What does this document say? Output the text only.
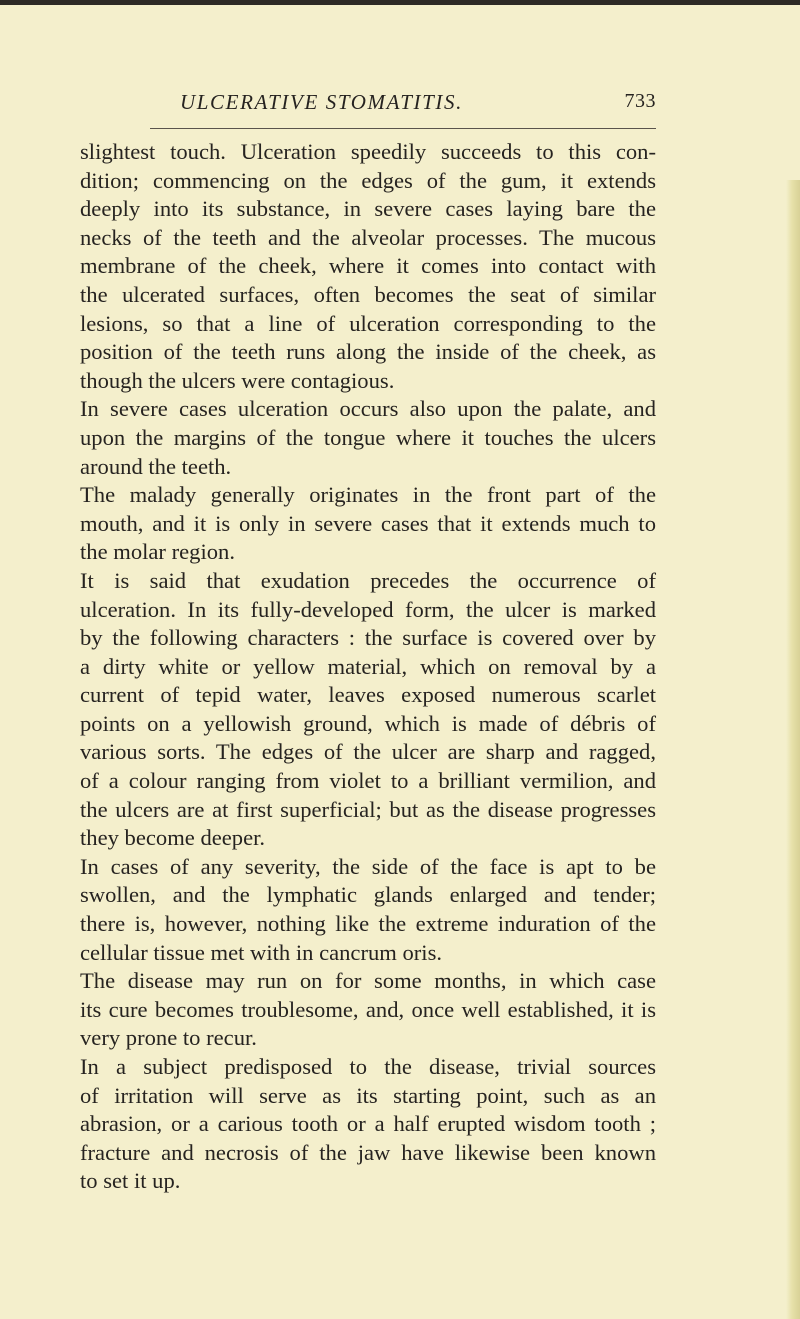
ULCERATIVE STOMATITIS.	733
slightest touch. Ulceration speedily succeeds to this con-
dition; commencing on the edges of the gum, it extends
deeply into its substance, in severe cases laying bare the
necks of the teeth and the alveolar processes. The mucous
membrane of the cheek, where it comes into contact with
the ulcerated surfaces, often becomes the seat of similar
lesions, so that a line of ulceration corresponding to the
position of the teeth runs along the inside of the cheek, as
though the ulcers were contagious.
In severe cases ulceration occurs also upon the palate, and
upon the margins of the tongue where it touches the ulcers
around the teeth.
The malady generally originates in the front part of the
mouth, and it is only in severe cases that it extends much to
the molar region.
It is said that exudation precedes the occurrence of
ulceration. In its fully-developed form, the ulcer is marked
by the following characters : the surface is covered over by
a dirty white or yellow material, which on removal by a
current of tepid water, leaves exposed numerous scarlet
points on a yellowish ground, which is made of débris of
various sorts. The edges of the ulcer are sharp and ragged,
of a colour ranging from violet to a brilliant vermilion, and
the ulcers are at first superficial; but as the disease progresses
they become deeper.
In cases of any severity, the side of the face is apt to be
swollen, and the lymphatic glands enlarged and tender;
there is, however, nothing like the extreme induration of the
cellular tissue met with in cancrum oris.
The disease may run on for some months, in which case
its cure becomes troublesome, and, once well established, it is
very prone to recur.
In a subject predisposed to the disease, trivial sources
of irritation will serve as its starting point, such as an
abrasion, or a carious tooth or a half erupted wisdom tooth ;
fracture and necrosis of the jaw have likewise been known
to set it up.
